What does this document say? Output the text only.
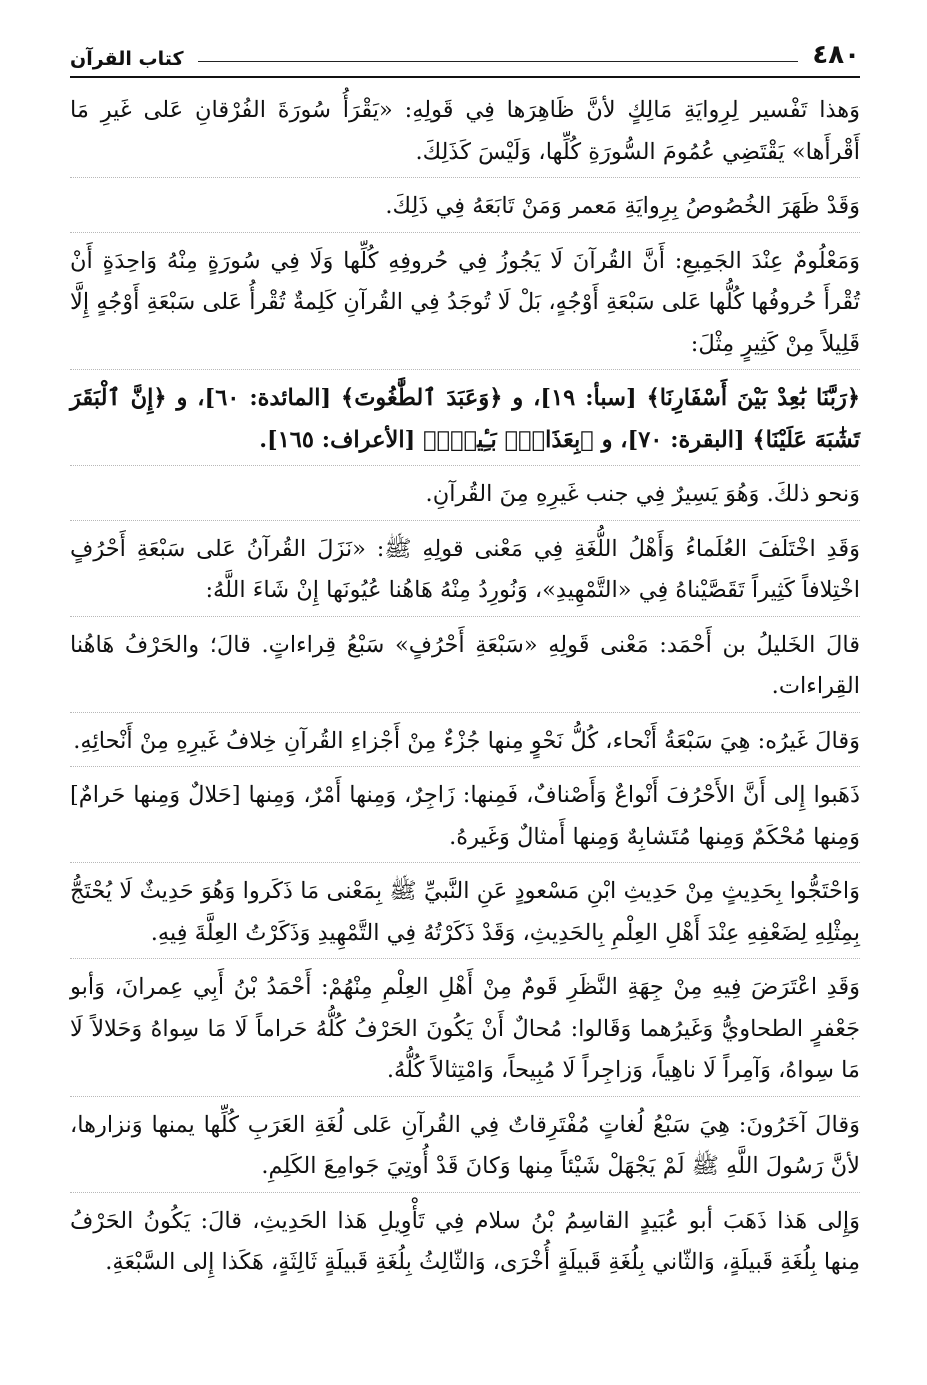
٤٨٠
كتاب القرآن

وَهذا تَفْسير لِرِوايَةِ مَالِكٍ لأنَّ ظَاهِرَها فِي قَولِهِ: «يَقْرَأُ سُورَةَ الفُرْقانِ عَلى غَيرِ مَا أَقْرأَها» يَقْتَضِي عُمُومَ السُّورَةِ كُلِّها، وَلَيْسَ كَذَلِكَ.

وَقَدْ ظَهَرَ الخُصُوصُ بِرِوايَةِ مَعمر وَمَنْ تَابَعَهُ فِي ذَلِكَ.

وَمَعْلُومٌ عِنْدَ الجَمِيعِ: أَنَّ القُرآنَ لَا يَجُوزُ فِي حُروفِهِ كُلِّها وَلَا فِي سُورَةٍ مِنْهُ وَاحِدَةٍ أَنْ تُقْرأَ حُروفُها كُلُّها عَلى سَبْعَةِ أَوْجُهٍ، بَلْ لَا تُوجَدُ فِي القُرآنِ كَلِمةٌ تُقْرأُ عَلى سَبْعَةِ أَوْجُهٍ إِلَّا قَلِيلاً مِنْ كَثِيرٍ مِثْلَ:

﴿رَبَّنَا بَٰعِدْ بَيْنَ أَسْفَارِنَا﴾ [سبأ: ١٩]، و ﴿وَعَبَدَ ٱلطَّٰغُوتَ﴾ [المائدة: ٦٠]، و ﴿إِنَّ ٱلْبَقَرَ تَشَٰبَهَ عَلَيْنَا﴾ [البقرة: ٧٠]، و ﴿بِعَذَابٍۭ بَـِٔيسٍۭ﴾ [الأعراف: ١٦٥].

وَنحو ذلكَ. وَهُوَ يَسِيرٌ فِي جنب غَيرِهِ مِنَ القُرآنِ.

وَقَدِ اخْتَلَفَ العُلَماءُ وَأَهْلُ اللُّغَةِ فِي مَعْنى قولِهِ ﷺ: «نَزَلَ القُرآنُ عَلى سَبْعَةِ أَحْرُفٍ اخْتِلافاً كَثِيراً تَقَصَّيْناهُ فِي «التَّمْهِيدِ»، وَنُورِدُ مِنْهُ هَاهُنا عُيُونَها إِنْ شَاءَ اللَّهُ:

قالَ الخَليلُ بن أَحْمَد: مَعْنى قَولِهِ «سَبْعَةِ أَحْرُفٍ» سَبْعُ قِراءاتٍ. قالَ؛ والحَرْفُ هَاهُنا القِراءات.

وَقالَ غَيرُه: هِيَ سَبْعَةُ أَنْحاء، كُلُّ نَحْوٍ مِنها جُزْءٌ مِنْ أَجْزاءِ القُرآنِ خِلافُ غَيرِهِ مِنْ أَنْحائِهِ.

ذَهَبوا إِلى أَنَّ الأَحْرُفَ أَنْواعٌ وَأَصْنافٌ، فَمِنها: زَاجِرٌ، وَمِنها أَمْرٌ، وَمِنها [حَلالٌ وَمِنها حَرامٌ] وَمِنها مُحْكَمٌ وَمِنها مُتَشابِهٌ وَمِنها أَمثالٌ وَغَيرهُ.

وَاحْتَجُّوا بِحَدِيثٍ مِنْ حَدِيثِ ابْنِ مَسْعودٍ عَنِ النَّبيِّ ﷺ بِمَعْنى مَا ذَكَروا وَهُوَ حَدِيثٌ لَا يُحْتَجُّ بِمِثْلِهِ لِضَعْفِهِ عِنْدَ أَهْلِ العِلْمِ بِالحَدِيثِ، وَقَدْ ذَكَرْتُهُ فِي التَّمْهِيدِ وَذَكَرْتُ العِلَّةَ فِيهِ.

وَقَدِ اعْتَرَضَ فِيهِ مِنْ جِهَةِ النَّظَرِ قَومٌ مِنْ أَهْلِ العِلْمِ مِنْهُمْ: أَحْمَدُ بْنُ أَبِي عِمرانَ، وَأبو جَعْفرٍ الطحاويُّ وَغَيرُهما وَقَالوا: مُحالٌ أَنْ يَكُونَ الحَرْفُ كُلُّهُ حَراماً لَا مَا سِواهُ وَحَلالاً لَا مَا سِواهُ، وَآمِراً لَا ناهِياً، وَزاجِراً لَا مُبِيحاً، وَامْتِثالاً كُلُّهُ.

وَقالَ آخَرُونَ: هِيَ سَبْعُ لُغاتٍ مُفْتَرِقاتٌ فِي القُرآنِ عَلى لُغَةِ العَرَبِ كُلِّها يمنها وَنزارها، لأنَّ رَسُولَ اللَّهِ ﷺ لَمْ يَجْهَلْ شَيْئاً مِنها وَكانَ قَدْ أُوتِيَ جَوامِعَ الكَلِمِ.

وَإِلى هَذا ذَهَبَ أبو عُبَيدٍ القاسِمُ بْنُ سلام فِي تَأْوِيلِ هَذا الحَدِيثِ، قالَ: يَكُونُ الحَرْفُ مِنها بِلُغَةِ قَبيلَةٍ، وَالثّاني بِلُغَةِ قَبيلَةٍ أُخْرَى، وَالثّالِثُ بِلُغَةِ قَبيلَةٍ ثَالِثَةٍ، هَكَذا إِلى السَّبْعَةِ.
